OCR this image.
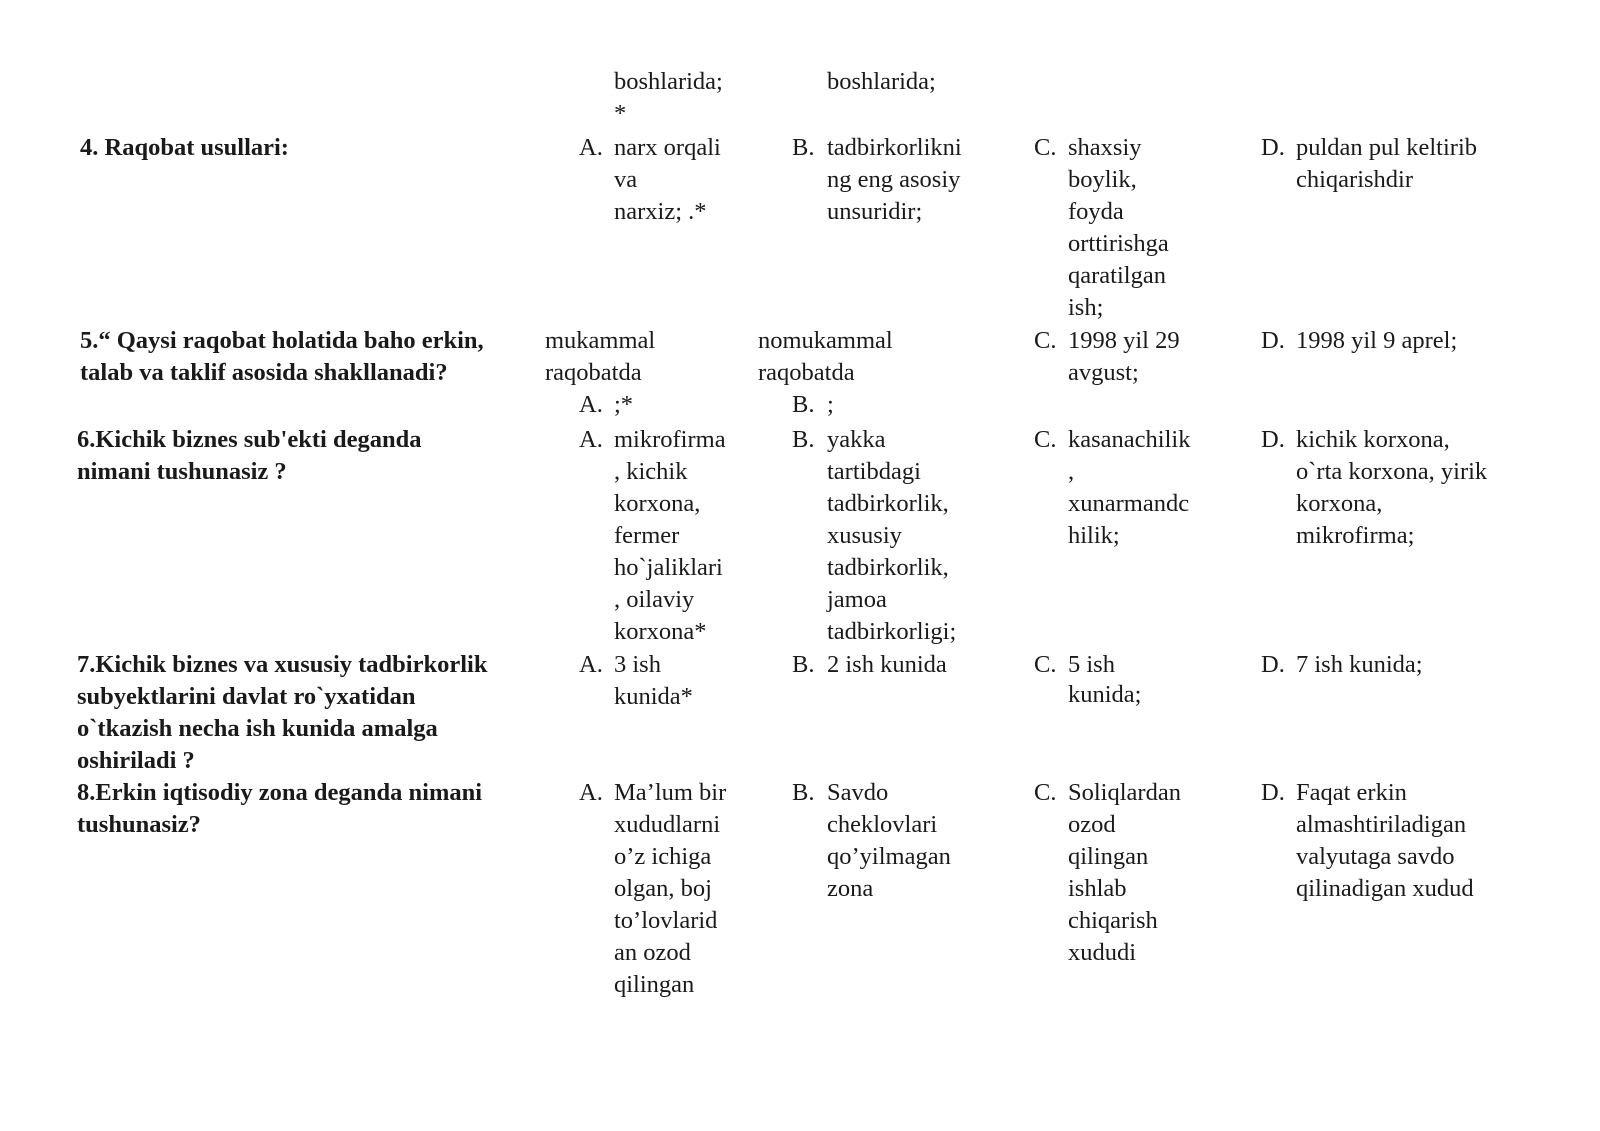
boshlarida;
*
boshlarida;
4. Raqobat usullari:	A. narx orqali
va
narxiz; .*
B. tadbirkorlikni
ng eng asosiy
unsuridir;
C. shaxsiy
boylik,
foyda
orttirishga
qaratilgan
ish;
D. puldan pul keltirib
chiqarishdir
5.“ Qaysi raqobat holatida baho erkin,
talab va taklif asosida shakllanadi?
mukammal
raqobatda
A. ;*
nomukammal
raqobatda
B. ;
C. 1998 yil 29
avgust;
D. 1998 yil 9 aprel;
6.Kichik biznes sub'ekti deganda
nimani tushunasiz ?
A. mikrofirma
, kichik
korxona,
fermer
ho`jaliklari
, oilaviy
korxona*
B. yakka
tartibdagi
tadbirkorlik,
xususiy
tadbirkorlik,
jamoa
tadbirkorligi;
C. kasanachilik
,
xunarmandc
hilik;
D. kichik korxona,
o`rta korxona, yirik
korxona,
mikrofirma;
7.Kichik biznes va xususiy tadbirkorlik
subyektlarini davlat ro`yxatidan
o`tkazish necha ish kunida amalga
oshiriladi ?
A. 3 ish
kunida*
B. 2 ish kunida	C. 5 ish
kunida;
D. 7 ish kunida;
8.Erkin iqtisodiy zona deganda nimani
tushunasiz?
A. Ma’lum bir
xududlarni
o’z ichiga
olgan, boj
to’lovlarid
an ozod
qilingan
B. Savdo
cheklovlari
qo’yilmagan
zona
C. Soliqlardan
ozod
qilingan
ishlab
chiqarish
xududi
D. Faqat erkin
almashtiriladigan
valyutaga savdo
qilinadigan xudud
